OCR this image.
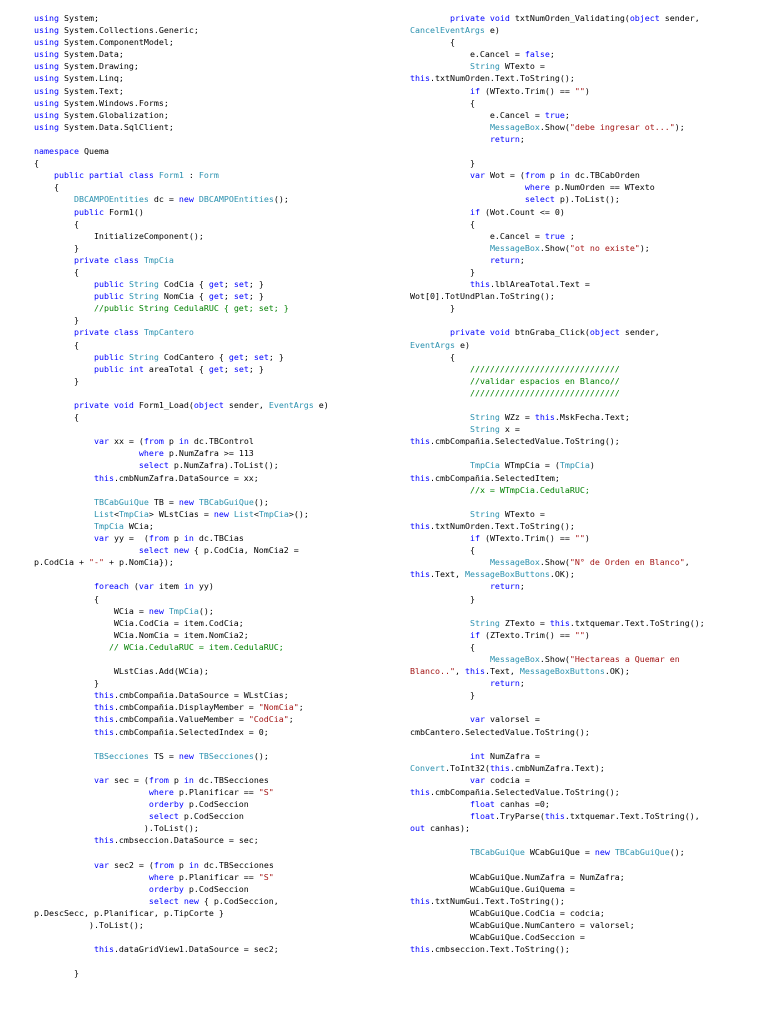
using System;
using System.Collections.Generic;
using System.ComponentModel;
using System.Data;
using System.Drawing;
using System.Linq;
using System.Text;
using System.Windows.Forms;
using System.Globalization;
using System.Data.SqlClient;
namespace Quema
{
public partial class Form1 : Form
{
DBCAMPOEntities dc = new DBCAMPOEntities();
public Form1()
{
InitializeComponent();
}
private class TmpCia
{
public String CodCia { get; set; }
public String NomCia { get; set; }
//public String CedulaRUC { get; set; }
}
private class TmpCantero
{
public String CodCantero { get; set; }
public int areaTotal { get; set; }
}
private void Form1_Load(object sender, EventArgs e)
{
var xx = (from p in dc.TBControl
where p.NumZafra >= 113
select p.NumZafra).ToList();
this.cmbNumZafra.DataSource = xx;
TBCabGuiQue TB = new TBCabGuiQue();
List<TmpCia> WLstCias = new List<TmpCia>();
TmpCia WCia;
var yy =  (from p in dc.TBCias
select new { p.CodCia, NomCia2 =
p.CodCia + "-" + p.NomCia});
foreach (var item in yy)
{
WCia = new TmpCia();
WCia.CodCia = item.CodCia;
WCia.NomCia = item.NomCia2;
// WCia.CedulaRUC = item.CedulaRUC;
WLstCias.Add(WCia);
}
this.cmbCompañia.DataSource = WLstCias;
this.cmbCompañia.DisplayMember = "NomCia";
this.cmbCompañia.ValueMember = "CodCia";
this.cmbCompañia.SelectedIndex = 0;
TBSecciones TS = new TBSecciones();
var sec = (from p in dc.TBSecciones
where p.Planificar == "S"
orderby p.CodSeccion
select p.CodSeccion
).ToList();
this.cmbseccion.DataSource = sec;
var sec2 = (from p in dc.TBSecciones
where p.Planificar == "S"
orderby p.CodSeccion
select new { p.CodSeccion,
p.DescSecc, p.Planificar, p.TipCorte }
).ToList();
this.dataGridView1.DataSource = sec2;
}
private void txtNumOrden_Validating(object sender,
CancelEventArgs e)
{
e.Cancel = false;
String WTexto =
this.txtNumOrden.Text.ToString();
if (WTexto.Trim() == "")
{
e.Cancel = true;
MessageBox.Show("debe ingresar ot...");
return;
}
var Wot = (from p in dc.TBCabOrden
where p.NumOrden == WTexto
select p).ToList();
if (Wot.Count <= 0)
{
e.Cancel = true ;
MessageBox.Show("ot no existe");
return;
}
this.lblAreaTotal.Text =
Wot[0].TotUndPlan.ToString();
}
private void btnGraba_Click(object sender,
EventArgs e)
{
//////////////////////////////
//validar espacios en Blanco//
//////////////////////////////
String WZz = this.MskFecha.Text;
String x =
this.cmbCompañia.SelectedValue.ToString();
TmpCia WTmpCia = (TmpCia)
this.cmbCompañia.SelectedItem;
//x = WTmpCia.CedulaRUC;
String WTexto =
this.txtNumOrden.Text.ToString();
if (WTexto.Trim() == "")
{
MessageBox.Show("N° de Orden en Blanco",
this.Text, MessageBoxButtons.OK);
return;
}
String ZTexto = this.txtquemar.Text.ToString();
if (ZTexto.Trim() == "")
{
MessageBox.Show("Hectareas a Quemar en
Blanco..", this.Text, MessageBoxButtons.OK);
return;
}
var valorsel =
cmbCantero.SelectedValue.ToString();
int NumZafra =
Convert.ToInt32(this.cmbNumZafra.Text);
var codcia =
this.cmbCompañia.SelectedValue.ToString();
float canhas =0;
float.TryParse(this.txtquemar.Text.ToString(),
out canhas);
TBCabGuiQue WCabGuiQue = new TBCabGuiQue();
WCabGuiQue.NumZafra = NumZafra;
WCabGuiQue.GuiQuema =
this.txtNumGui.Text.ToString();
WCabGuiQue.CodCia = codcia;
WCabGuiQue.NumCantero = valorsel;
WCabGuiQue.CodSeccion =
this.cmbseccion.Text.ToString();
